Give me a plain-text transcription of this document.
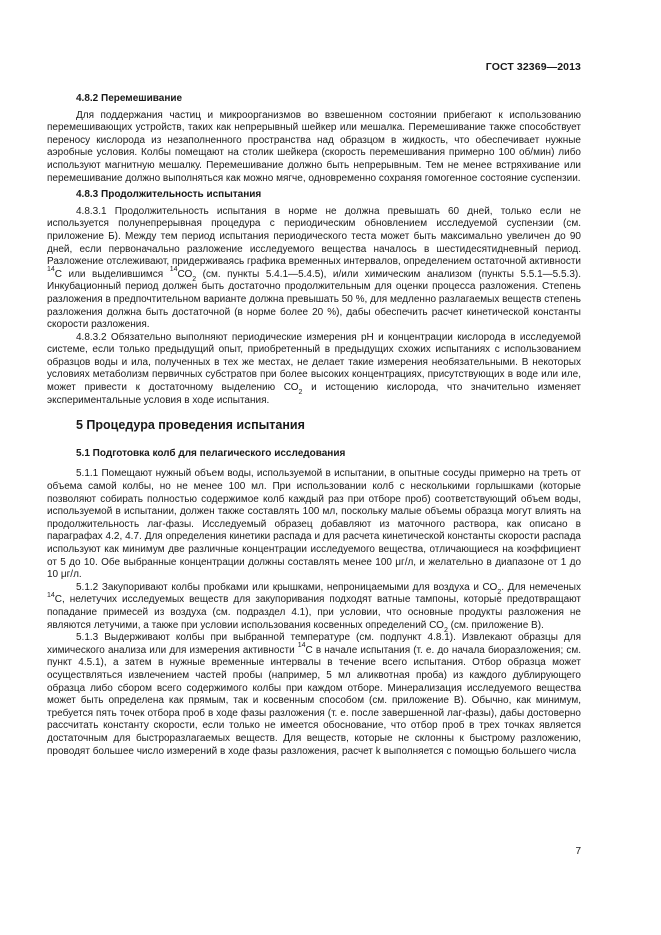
ГОСТ 32369—2013
4.8.2 Перемешивание

Для поддержания частиц и микроорганизмов во взвешенном состоянии прибегают к использованию перемешивающих устройств, таких как непрерывный шейкер или мешалка. Перемешивание также способствует переносу кислорода из незаполненного пространства над образцом в жидкость, что обеспечивает нужные аэробные условия. Колбы помещают на столик шейкера (скорость перемешивания примерно 100 об/мин) либо используют магнитную мешалку. Перемешивание должно быть непрерывным. Тем не менее встряхивание или перемешивание должно выполняться как можно мягче, одновременно сохраняя гомогенное состояние суспензии.

4.8.3 Продолжительность испытания

4.8.3.1 Продолжительность испытания в норме не должна превышать 60 дней, только если не используется полунепрерывная процедура с периодическим обновлением исследуемой суспензии (см. приложение Б). Между тем период испытания периодического теста может быть максимально увеличен до 90 дней, если первоначально разложение исследуемого вещества началось в шестидесятидневный период. Разложение отслеживают, придерживаясь графика временных интервалов, определением остаточной активности $^{14}$С или выделившимся $^{14}СО_2$ (см. пункты 5.4.1—5.4.5), и/или химическим анализом (пункты 5.5.1—5.5.3). Инкубационный период должен быть достаточно продолжительным для оценки процесса разложения. Степень разложения в предпочтительном варианте должна превышать 50 %, для медленно разлагаемых веществ степень разложения должна быть достаточной (в норме более 20 %), дабы обеспечить расчет кинетической константы скорости разложения.

4.8.3.2 Обязательно выполняют периодические измерения pH и концентрации кислорода в исследуемой системе, если только предыдущий опыт, приобретенный в предыдущих схожих испытаниях с использованием образцов воды и ила, полученных в тех же местах, не делает такие измерения необязательными. В некоторых условиях метаболизм первичных субстратов при более высоких концентрациях, присутствующих в воде или иле, может привести к достаточному выделению $СО_2$ и истощению кислорода, что значительно изменяет экспериментальные условия в ходе испытания.

5 Процедура проведения испытания
5.1 Подготовка колб для пелагического исследования

5.1.1 Помещают нужный объем воды, используемой в испытании, в опытные сосуды примерно на треть от объема самой колбы, но не менее 100 мл. При использовании колб с несколькими горлышками (которые позволяют собирать полностью содержимое колб каждый раз при отборе проб) соответствующий объем воды, используемой в испытании, должен также составлять 100 мл, поскольку малые объемы образца могут влиять на продолжительность лаг-фазы. Исследуемый образец добавляют из маточного раствора, как описано в параграфах 4.2, 4.7. Для определения кинетики распада и для расчета кинетической константы скорости распада используют как минимум две различные концентрации исследуемого вещества, отличающиеся на коэффициент от 5 до 10. Обе выбранные концентрации должны составлять менее 100 μг/л, и желательно в диапазоне от 1 до 10 μг/л.

5.1.2 Закупоривают колбы пробками или крышками, непроницаемыми для воздуха и $СО_2$. Для немеченых $^{14}$С, нелетучих исследуемых веществ для закупоривания подходят ватные тампоны, которые предотвращают попадание примесей из воздуха (см. подраздел 4.1), при условии, что основные продукты разложения не являются летучими, а также при условии использования косвенных определений $СО_2$ (см. приложение В).

5.1.3 Выдерживают колбы при выбранной температуре (см. подпункт 4.8.1). Извлекают образцы для химического анализа или для измерения активности $^{14}$С в начале испытания (т. е. до начала биоразложения; см. пункт 4.5.1), а затем в нужные временные интервалы в течение всего испытания. Отбор образца может осуществляться извлечением частей пробы (например, 5 мл аликвотная проба) из каждого дублирующего образца либо сбором всего содержимого колбы при каждом отборе. Минерализация исследуемого вещества может быть определена как прямым, так и косвенным способом (см. приложение В). Обычно, как минимум, требуется пять точек отбора проб в ходе фазы разложения (т. е. после завершенной лаг-фазы), дабы достоверно рассчитать константу скорости, если только не имеется обоснование, что отбор проб в трех точках является достаточным для быстроразлагаемых веществ. Для веществ, которые не склонны к быстрому разложению, проводят большее число измерений в ходе фазы разложения, расчет k выполняется с помощью большего числа

7
